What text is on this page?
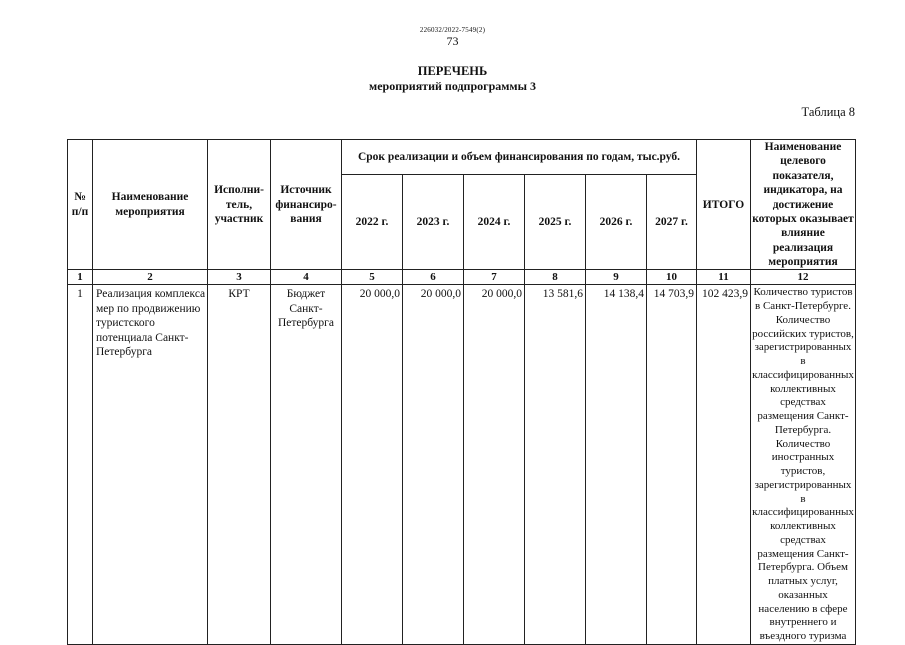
226032/2022-7549(2)
73
ПЕРЕЧЕНЬ
мероприятий подпрограммы 3
Таблица 8
№ п/п	Наименование мероприятия	Исполни-тель, участник	Источник финансиро-вания	Срок реализации и объем финансирования по годам, тыс.руб.						ИТОГО	Наименование целевого показателя, индикатора, на достижение которых оказывает влияние реализация мероприятия
				2022 г.	2023 г.	2024 г.	2025 г.	2026 г.	2027 г.		
1	2	3	4	5	6	7	8	9	10	11	12
1	Реализация комплекса мер по продвижению туристского потенциала Санкт-Петербурга	КРТ	Бюджет Санкт-Петербурга	20 000,0	20 000,0	20 000,0	13 581,6	14 138,4	14 703,9	102 423,9	Количество туристов в Санкт-Петербурге. Количество российских туристов, зарегистрированных в классифицированных коллективных средствах размещения Санкт-Петербурга. Количество иностранных туристов, зарегистрированных в классифицированных коллективных средствах размещения Санкт-Петербурга. Объем платных услуг, оказанных населению в сфере внутреннего и въездного туризма
